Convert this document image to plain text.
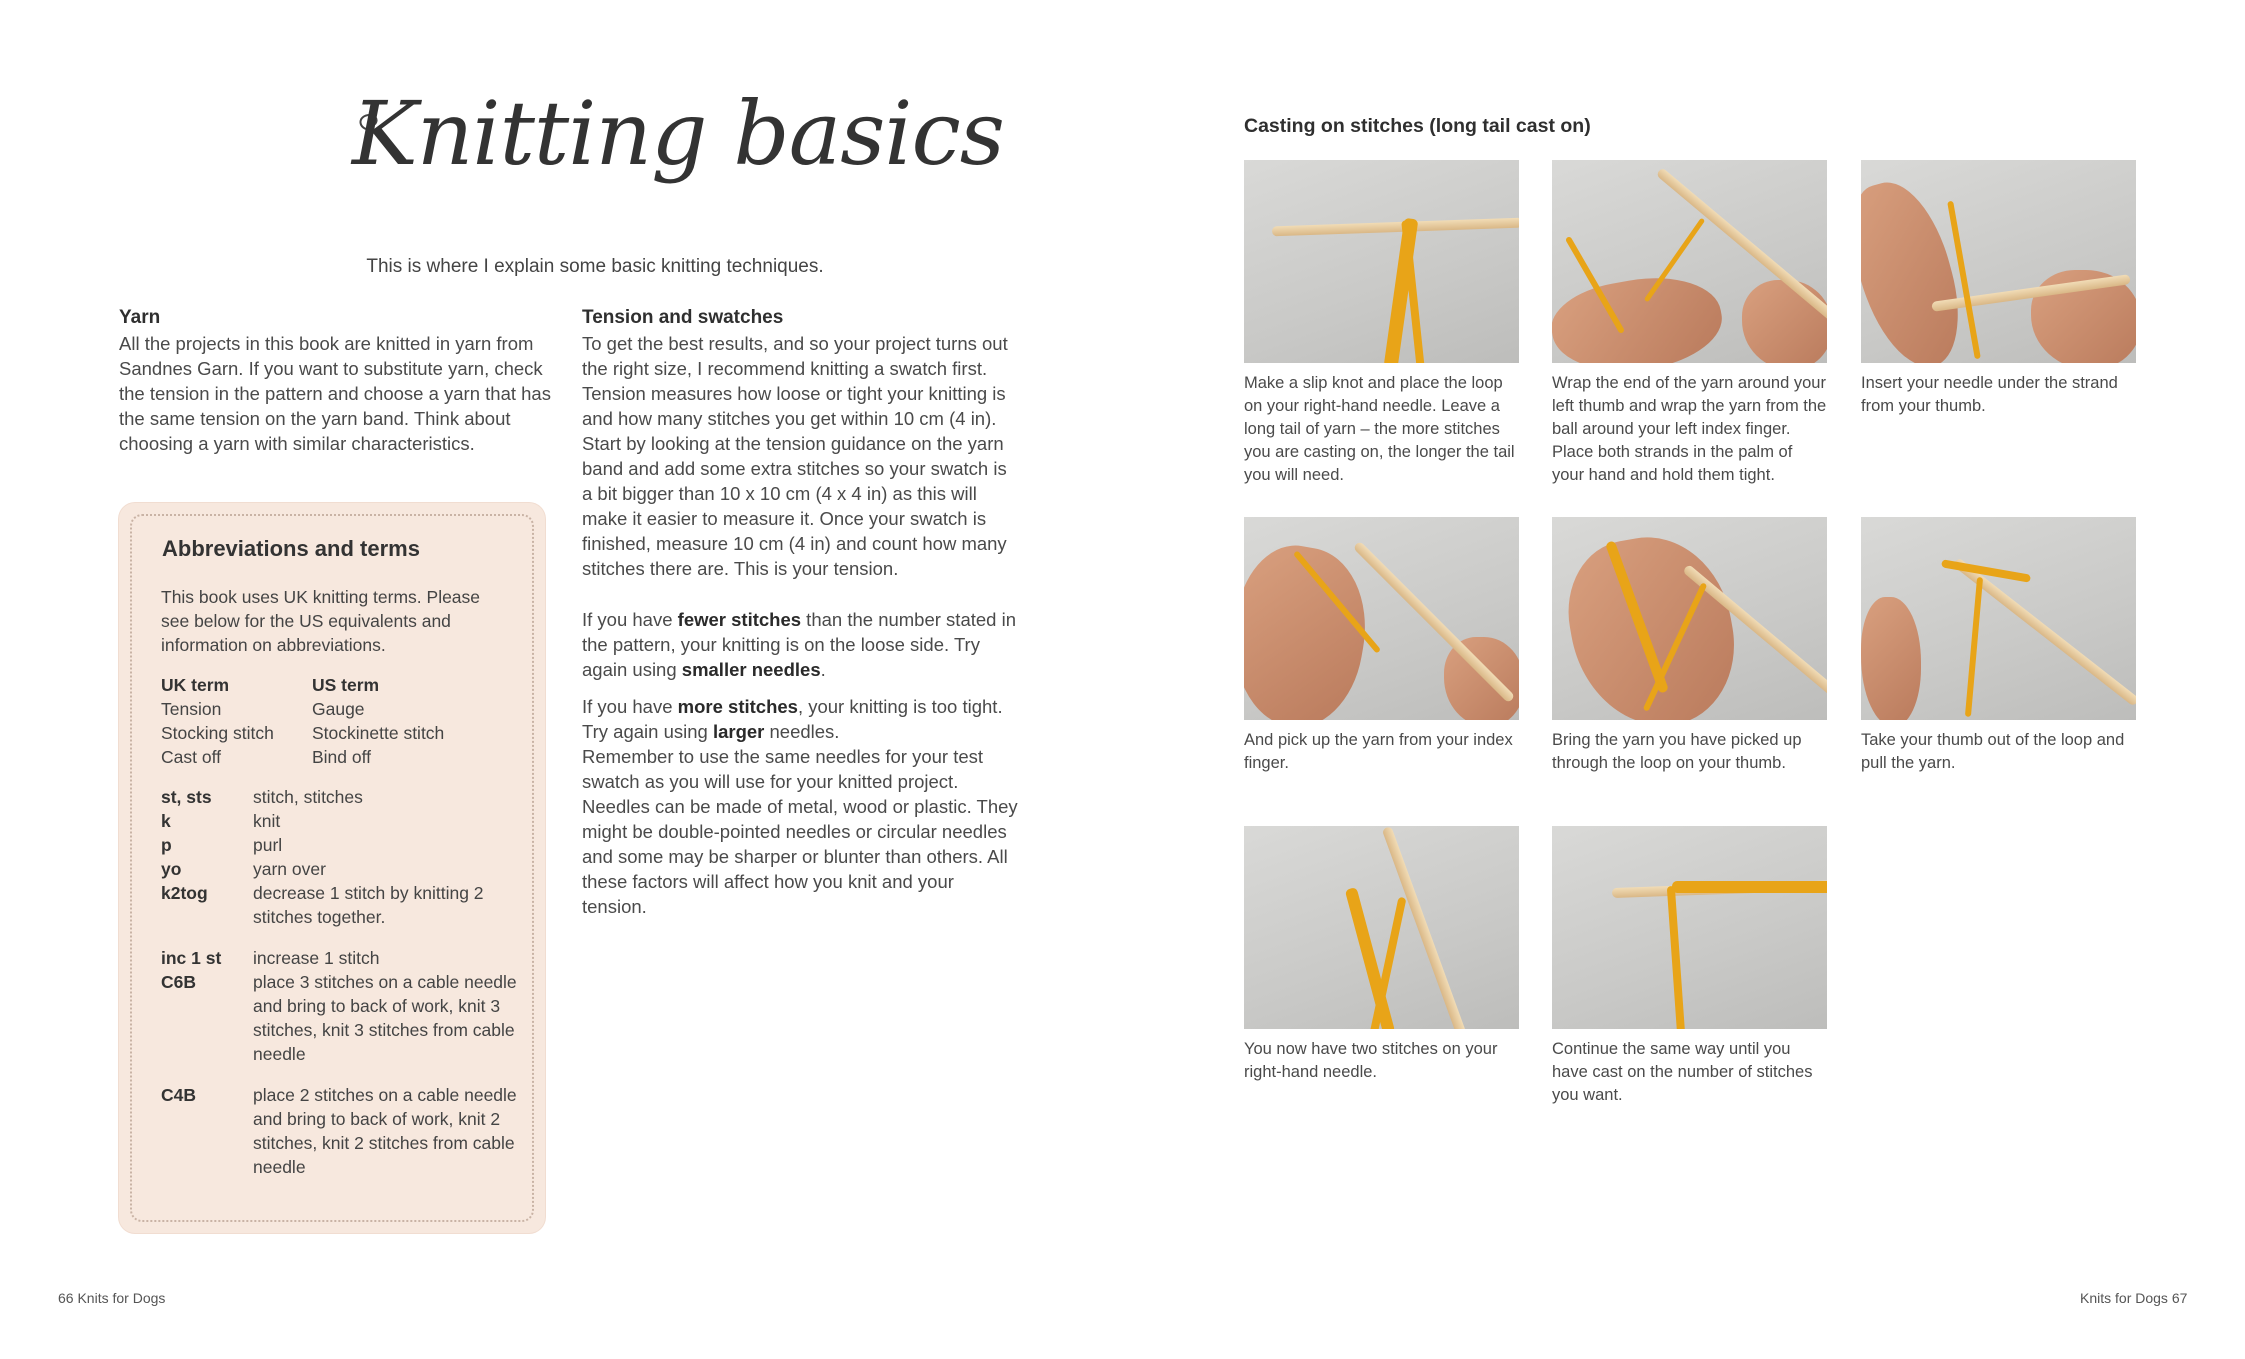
Knitting basics
This is where I explain some basic knitting techniques.
Yarn

All the projects in this book are knitted in yarn from Sandnes Garn. If you want to substitute yarn, check the tension in the pattern and choose a yarn that has the same tension on the yarn band. Think about choosing a yarn with similar characteristics.

Tension and swatches

To get the best results, and so your project turns out the right size, I recommend knitting a swatch first. Tension measures how loose or tight your knitting is and how many stitches you get within 10 cm (4 in). Start by looking at the tension guidance on the yarn band and add some extra stitches so your swatch is a bit bigger than 10 x 10 cm (4 x 4 in) as this will make it easier to measure it. Once your swatch is finished, measure 10 cm (4 in) and count how many stitches there are. This is your tension.

If you have fewer stitches than the number stated in the pattern, your knitting is on the loose side. Try again using smaller needles.

If you have more stitches, your knitting is too tight. Try again using larger needles.

Remember to use the same needles for your test swatch as you will use for your knitted project. Needles can be made of metal, wood or plastic. They might be double-pointed needles or circular needles and some may be sharper or blunter than others. All these factors will affect how you knit and your tension.

Abbreviations and terms
This book uses UK knitting terms. Please see below for the US equivalents and information on abbreviations.
UK term	US term
Tension	Gauge
Stocking stitch	Stockinette stitch
Cast off	Bind off
st, sts	stitch, stitches
k	knit
p	purl
yo	yarn over
k2tog	decrease 1 stitch by knitting 2 stitches together.
inc 1 st	increase 1 stitch
C6B	place 3 stitches on a cable needle and bring to back of work, knit 3 stitches, knit 3 stitches from cable needle
C4B	place 2 stitches on a cable needle and bring to back of work, knit 2 stitches, knit 2 stitches from cable needle
66 Knits for Dogs
Casting on stitches (long tail cast on)
Make a slip knot and place the loop on your right-hand needle. Leave a long tail of yarn – the more stitches you are casting on, the longer the tail you will need.
Wrap the end of the yarn around your left thumb and wrap the yarn from the ball around your left index finger. Place both strands in the palm of your hand and hold them tight.
Insert your needle under the strand from your thumb.
And pick up the yarn from your index finger.
Bring the yarn you have picked up through the loop on your thumb.
Take your thumb out of the loop and pull the yarn.
You now have two stitches on your right-hand needle.
Continue the same way until you have cast on the number of stitches you want.
Knits for Dogs 67
